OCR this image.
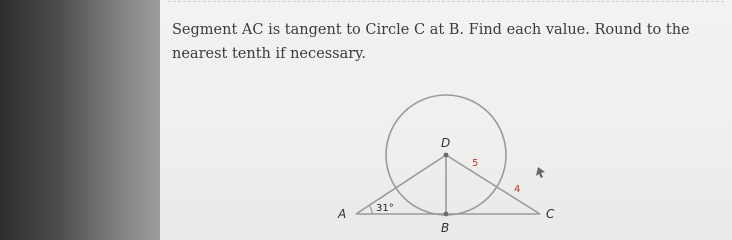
Segment AC is tangent to Circle C at B. Find each value. Round to the nearest tenth if necessary.

A
B
C
D
31°
5
4
